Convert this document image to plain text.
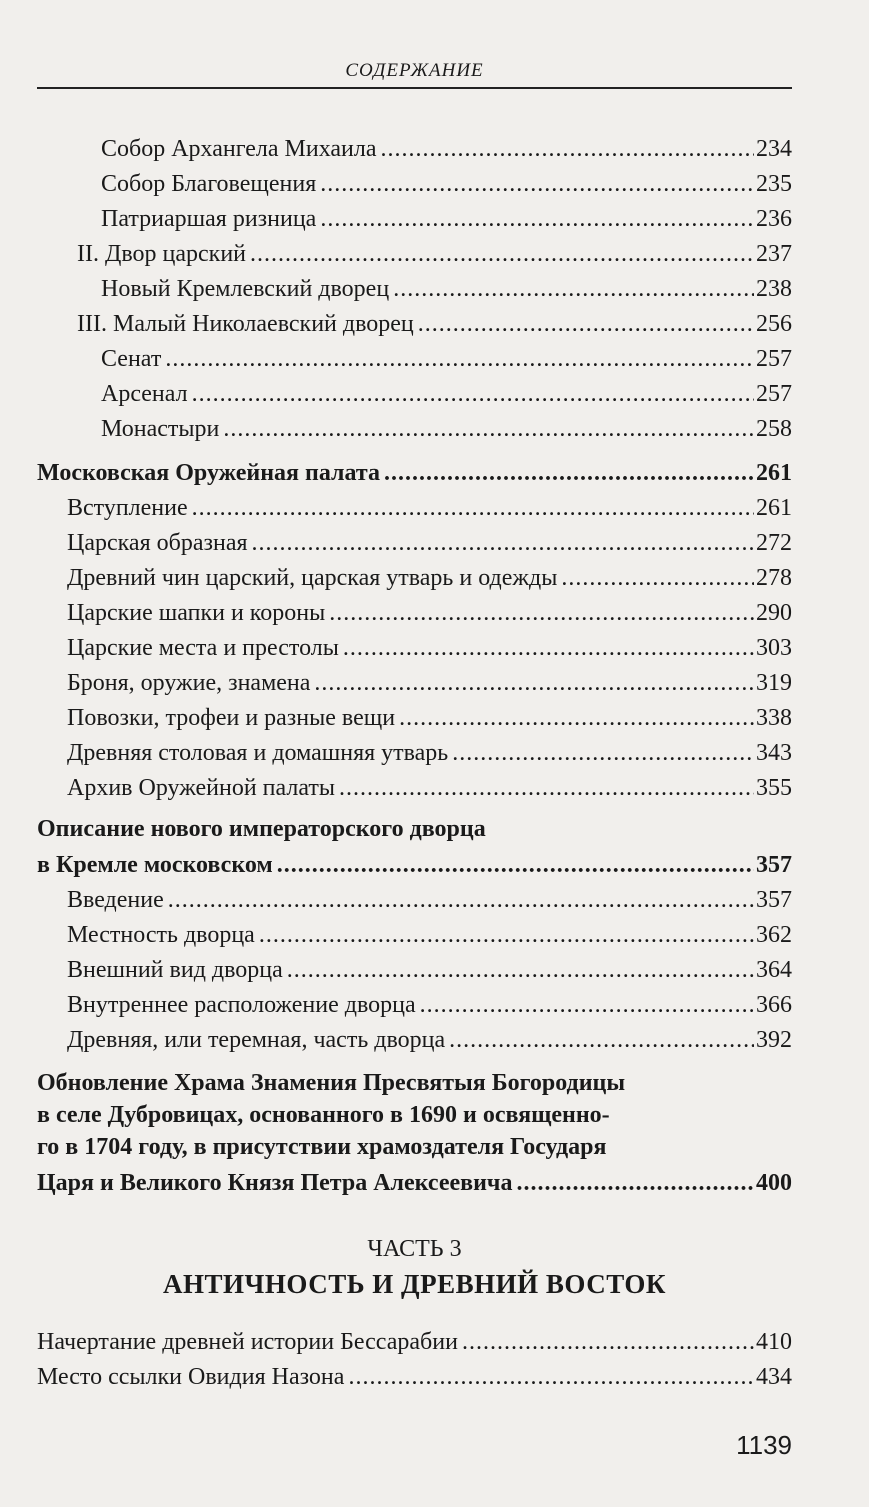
СОДЕРЖАНИЕ
Собор Архангела Михаила .....	234
Собор Благовещения .....	235
Патриаршая ризница .....	236
II. Двор царский .....	237
Новый Кремлевский дворец .....	238
III. Малый Николаевский дворец .....	256
Сенат .....	257
Арсенал .....	257
Монастыри .....	258
Московская Оружейная палата .....	261
Вступление .....	261
Царская образная .....	272
Древний чин царский, царская утварь и одежды .....	278
Царские шапки и короны .....	290
Царские места и престолы .....	303
Броня, оружие, знамена .....	319
Повозки, трофеи и разные вещи .....	338
Древняя столовая и домашняя утварь .....	343
Архив Оружейной палаты .....	355
Описание нового императорского дворца
в Кремле московском .....	357
Введение .....	357
Местность дворца .....	362
Внешний вид дворца .....	364
Внутреннее расположение дворца .....	366
Древняя, или теремная, часть дворца .....	392
Обновление Храма Знамения Пресвятыя Богородицы
в селе Дубровицах, основанного в 1690 и освященно-
го в 1704 году, в присутствии храмоздателя Государя
Царя и Великого Князя Петра Алексеевича .....	400
ЧАСТЬ 3
АНТИЧНОСТЬ И ДРЕВНИЙ ВОСТОК
Начертание древней истории Бессарабии .....	410
Место ссылки Овидия Назона .....	434
1139
